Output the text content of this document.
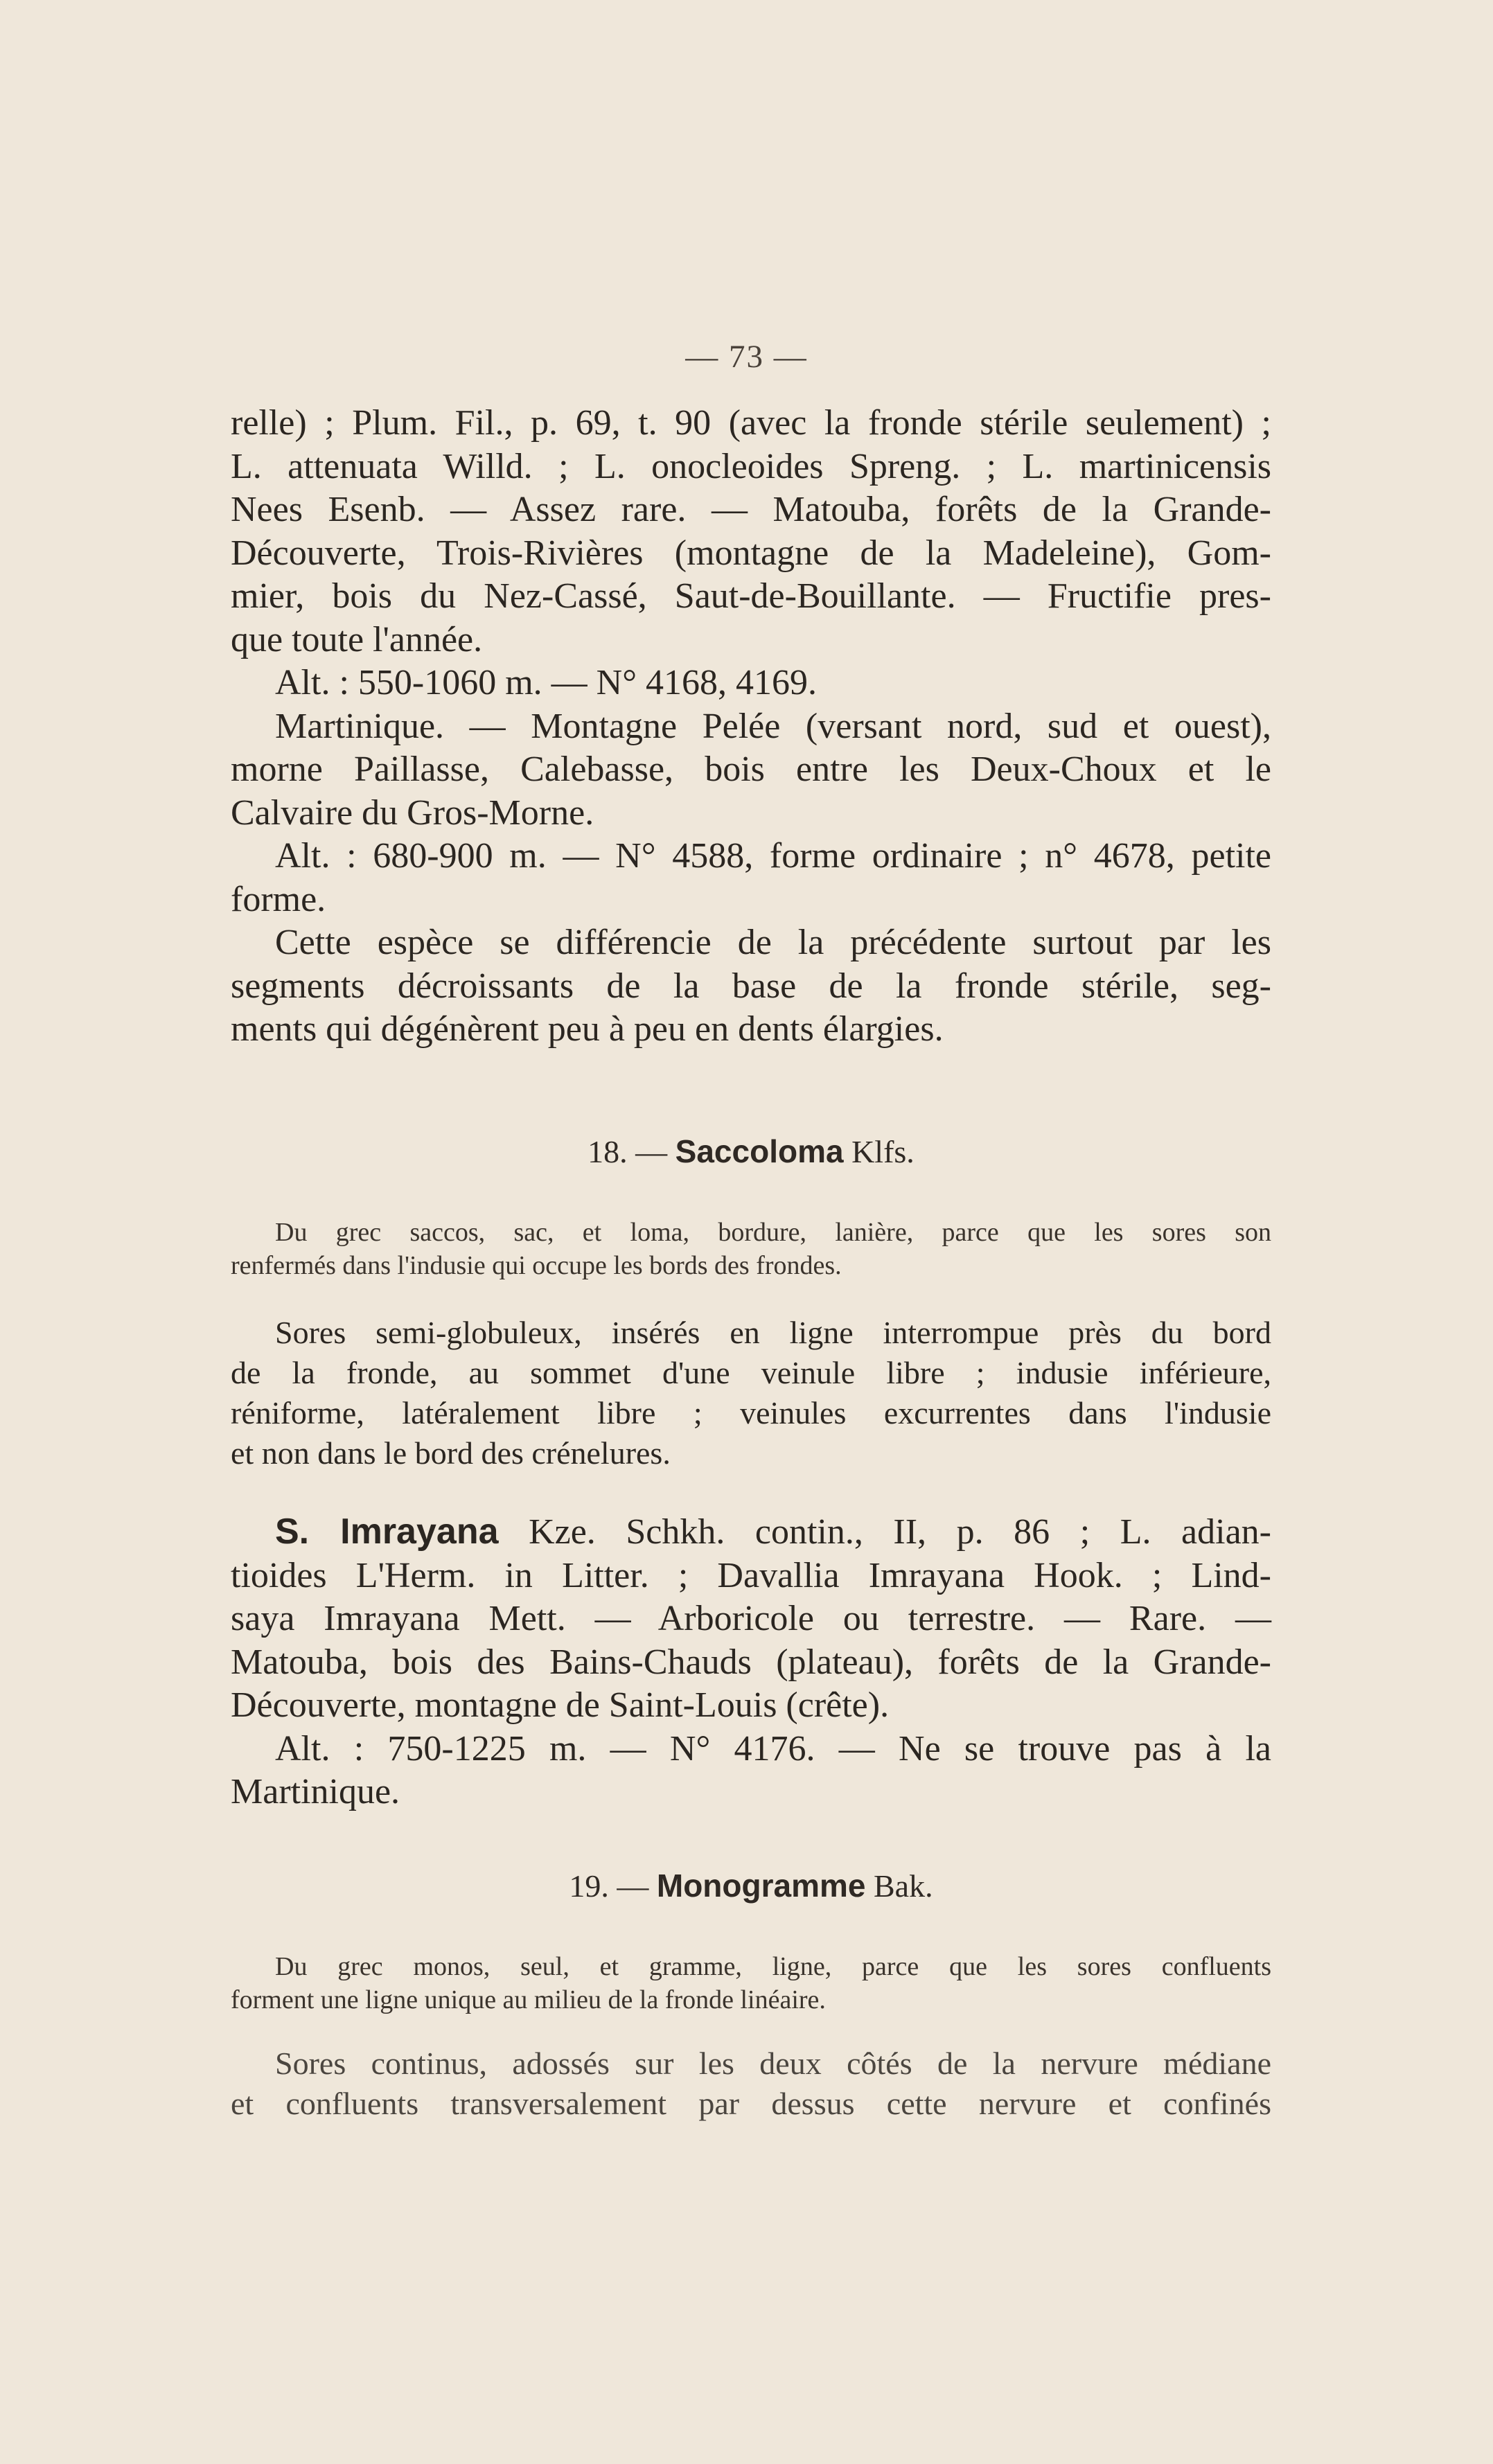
— 73 —
relle) ; Plum. Fil., p. 69, t. 90 (avec la fronde stérile seulement) ;
L. attenuata Willd. ; L. onocleoides Spreng. ; L. martinicensis
Nees Esenb. — Assez rare. — Matouba, forêts de la Grande-
Découverte, Trois-Rivières (montagne de la Madeleine), Gom-
mier, bois du Nez-Cassé, Saut-de-Bouillante. — Fructifie pres-
que toute l'année.
Alt. : 550-1060 m. — N° 4168, 4169.
Martinique. — Montagne Pelée (versant nord, sud et ouest),
morne Paillasse, Calebasse, bois entre les Deux-Choux et le
Calvaire du Gros-Morne.
Alt. : 680-900 m. — N° 4588, forme ordinaire ; n° 4678, petite
forme.
Cette espèce se différencie de la précédente surtout par les
segments décroissants de la base de la fronde stérile, seg-
ments qui dégénèrent peu à peu en dents élargies.
18. — Saccoloma Klfs.
Du grec saccos, sac, et loma, bordure, lanière, parce que les sores son
renfermés dans l'indusie qui occupe les bords des frondes.
Sores semi-globuleux, insérés en ligne interrompue près du bord
de la fronde, au sommet d'une veinule libre ; indusie inférieure,
réniforme, latéralement libre ; veinules excurrentes dans l'indusie
et non dans le bord des crénelures.
S. Imrayana Kze. Schkh. contin., II, p. 86 ; L. adian-
tioides L'Herm. in Litter. ; Davallia Imrayana Hook. ; Lind-
saya Imrayana Mett. — Arboricole ou terrestre. — Rare. —
Matouba, bois des Bains-Chauds (plateau), forêts de la Grande-
Découverte, montagne de Saint-Louis (crête).
Alt. : 750-1225 m. — N° 4176. — Ne se trouve pas à la
Martinique.
19. — Monogramme Bak.
Du grec monos, seul, et gramme, ligne, parce que les sores confluents
forment une ligne unique au milieu de la fronde linéaire.
Sores continus, adossés sur les deux côtés de la nervure médiane
et confluents transversalement par dessus cette nervure et confinés
